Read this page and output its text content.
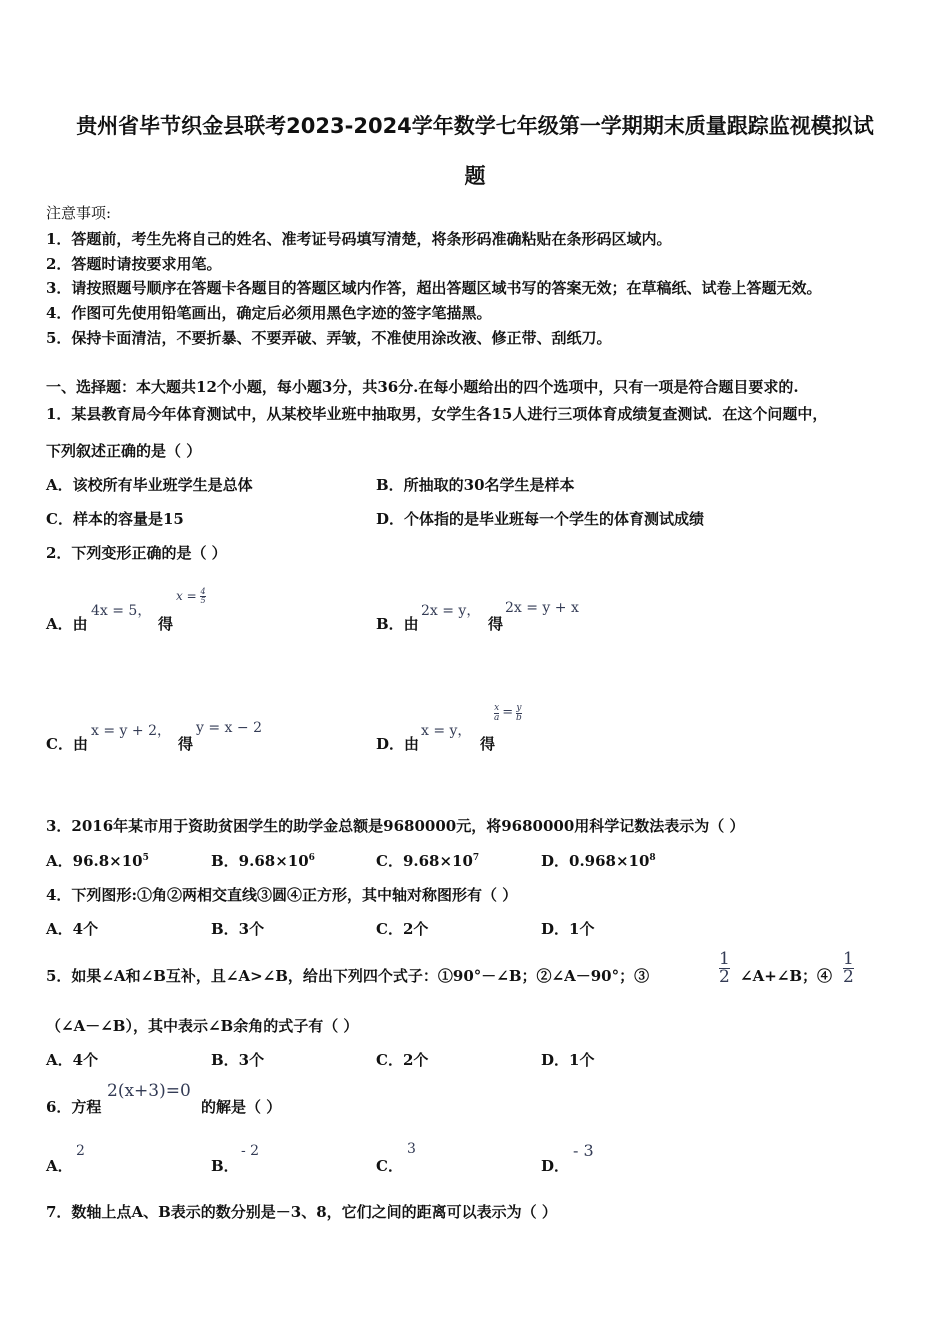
贵州省毕节织金县联考2023-2024学年数学七年级第一学期期末质量跟踪监视模拟试
题
注意事项:
1．答题前，考生先将自己的姓名、准考证号码填写清楚，将条形码准确粘贴在条形码区域内。
2．答题时请按要求用笔。
3．请按照题号顺序在答题卡各题目的答题区域内作答，超出答题区域书写的答案无效；在草稿纸、试卷上答题无效。
4．作图可先使用铅笔画出，确定后必须用黑色字迹的签字笔描黑。
5．保持卡面清洁，不要折暴、不要弄破、弄皱，不准使用涂改液、修正带、刮纸刀。
一、选择题：本大题共12个小题，每小题3分，共36分.在每小题给出的四个选项中，只有一项是符合题目要求的.
1．某县教育局今年体育测试中，从某校毕业班中抽取男，女学生各15人进行三项体育成绩复查测试．在这个问题中，
下列叙述正确的是（ ）
A．该校所有毕业班学生是总体	B．所抽取的30名学生是样本
C．样本的容量是15	D．个体指的是毕业班每一个学生的体育测试成绩
2．下列变形正确的是（ ）
A．由
4x = 5，
得
$x = \frac{4}{5}$
B．由
2x = y，
得
2x = y + x
C．由
x = y + 2，
得
y = x − 2
D．由
x = y，
得
$\frac{x}{a} = \frac{y}{b}$
3．2016年某市用于资助贫困学生的助学金总额是9680000元，将9680000用科学记数法表示为（ ）
A．$96.8\times 10^5$	B．$9.68\times 10^6$	C．$9.68\times 10^7$	D．$0.968\times 10^8$
4．下列图形:①角②两相交直线③圆④正方形，其中轴对称图形有（ ）
A．4个	B．3个	C．2个	D．1个
5．如果∠A和∠B互补，且∠A>∠B，给出下列四个式子：①90°－∠B；②∠A－90°；③	$\frac{1}{2}$ ∠A+∠B；④ $\frac{1}{2}$
（∠A－∠B），其中表示∠B余角的式子有（ ）
A．4个	B．3个	C．2个	D．1个
6．方程
2(x+3)=0
的解是（ ）
A．
2
B．
- 2
C．
3
D．
- 3
7．数轴上点A、B表示的数分别是－3、8，它们之间的距离可以表示为（ ）
